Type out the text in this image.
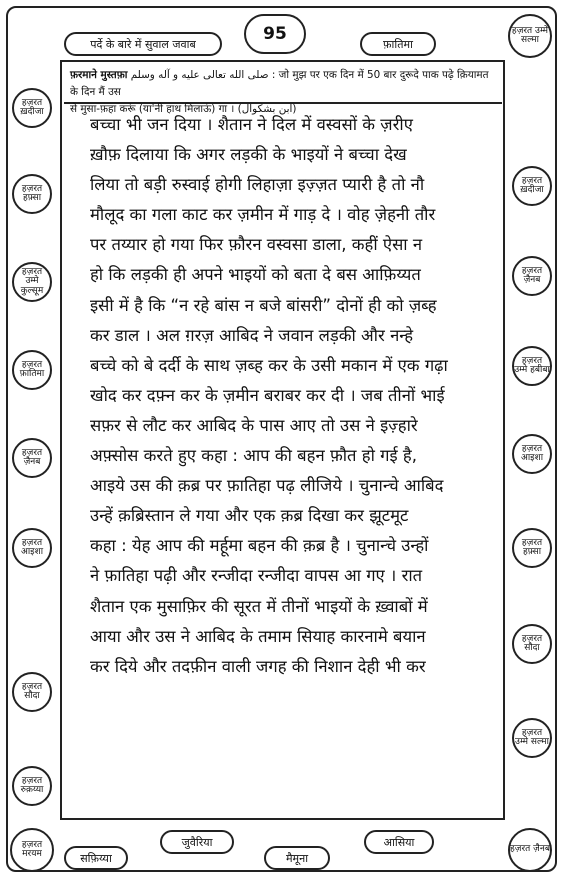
पर्दे के बारे में सुवाल जवाब	95	फ़ातिमा
हज़रत उम्मे सल्मा
फ़रमाने मुस्तफ़ा صلى الله تعالى عليه و آله وسلم : जो मुझ पर एक दिन में 50 बार दुरूदे पाक पढ़े क़ियामत के दिन मैं उस
से मुसा-फ़हा करूं (या'नी हाथ मिलाऊं) गा । (ابن بشكوال)
हज़रत ख़दीजा
हज़रत हफ़्सा
हज़रत उम्मे कुल्सूम
हज़रत फ़ातिमा
हज़रत ज़ैनब
हज़रत आइशा
हज़रत सौदा
हज़रत रुक़य्या
हज़रत ख़दीजा
हज़रत ज़ैनब
हज़रत उम्मे हबीबा
हज़रत आइशा
हज़रत हफ़्सा
हज़रत सौदा
हज़रत उम्मे सल्मा

बच्चा भी जन दिया । शैतान ने दिल में वस्वसों के ज़रीए

ख़ौफ़ दिलाया कि अगर लड़की के भाइयों ने बच्चा देख

लिया तो बड़ी रुस्वाई होगी लिहाज़ा इज़्ज़त प्यारी है तो नौ

मौलूद का गला काट कर ज़मीन में गाड़ दे । वोह ज़ेहनी तौर

पर तय्यार हो गया फिर फ़ौरन वस्वसा डाला, कहीं ऐसा न

हो कि लड़की ही अपने भाइयों को बता दे बस आफ़िय्यत

इसी में है कि “न रहे बांस न बजे बांसरी” दोनों ही को ज़ब्ह

कर डाल । अल ग़रज़ आबिद ने जवान लड़की और नन्हे

बच्चे को बे दर्दी के साथ ज़ब्ह कर के उसी मकान में एक गढ़ा

खोद कर दफ़्न कर के ज़मीन बराबर कर दी । जब तीनों भाई

सफ़र से लौट कर आबिद के पास आए तो उस ने इज़्हारे

अफ़्सोस करते हुए कहा : आप की बहन फ़ौत हो गई है,

आइये उस की क़ब्र पर फ़ातिहा पढ़ लीजिये । चुनान्चे आबिद

उन्हें क़ब्रिस्तान ले गया और एक क़ब्र दिखा कर झूटमूट

कहा : येह आप की मर्हूमा बहन की क़ब्र है । चुनान्चे उन्हों

ने फ़ातिहा पढ़ी और रन्जीदा रन्जीदा वापस आ गए । रात

शैतान एक मुसाफ़िर की सूरत में तीनों भाइयों के ख़्वाबों में

आया और उस ने आबिद के तमाम सियाह कारनामे बयान

कर दिये और तदफ़ीन वाली जगह की निशान देही भी कर

हज़रत मरयम	सफ़िय्या
जुवैरिया
मैमूना
आसिया
हज़रत ज़ैनब
